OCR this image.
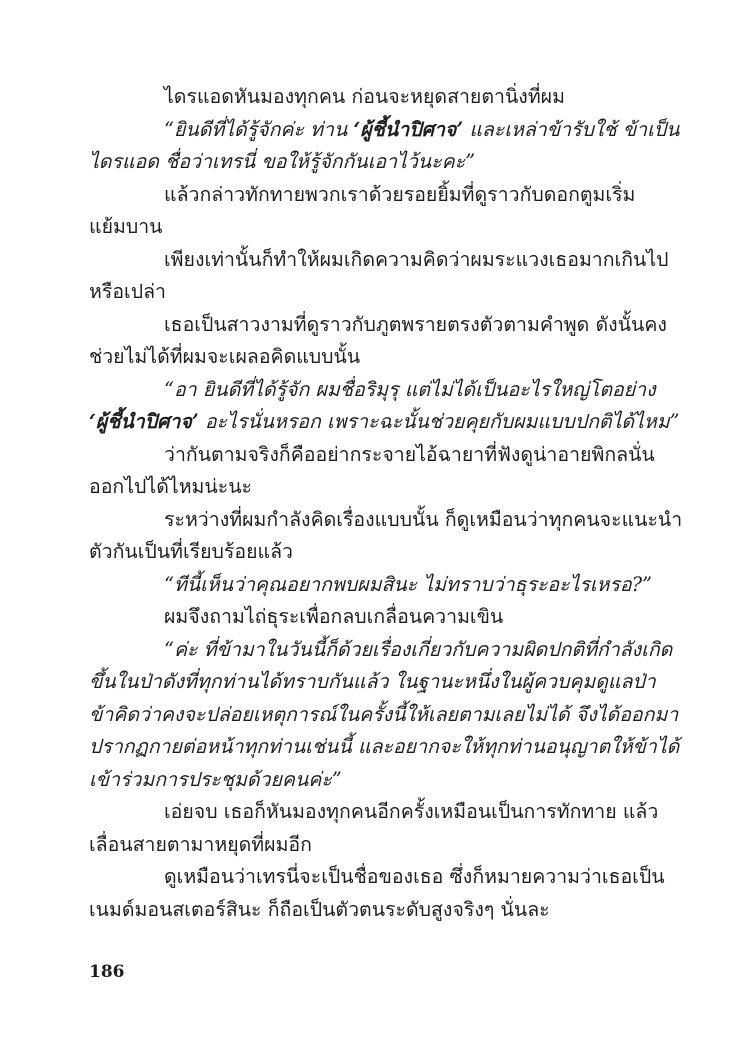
ไดรแอดหันมองทุกคน ก่อนจะหยุดสายตานิ่งที่ผม
“ยินดีที่ได้รู้จักค่ะ ท่าน ‘ผู้ชี้นำปิศาจ’ และเหล่าข้ารับใช้ ข้าเป็น
ไดรแอด ชื่อว่าเทรนี่ ขอให้รู้จักกันเอาไว้นะคะ”
แล้วกล่าวทักทายพวกเราด้วยรอยยิ้มที่ดูราวกับดอกตูมเริ่ม
แย้มบาน
เพียงเท่านั้นก็ทำให้ผมเกิดความคิดว่าผมระแวงเธอมากเกินไป
หรือเปล่า
เธอเป็นสาวงามที่ดูราวกับภูตพรายตรงตัวตามคำพูด ดังนั้นคง
ช่วยไม่ได้ที่ผมจะเผลอคิดแบบนั้น
“อา ยินดีที่ได้รู้จัก ผมชื่อริมุรุ แต่ไม่ได้เป็นอะไรใหญ่โตอย่าง
‘ผู้ชี้นำปิศาจ’ อะไรนั่นหรอก เพราะฉะนั้นช่วยคุยกับผมแบบปกติได้ไหม”
ว่ากันตามจริงก็คืออย่ากระจายไอ้ฉายาที่ฟังดูน่าอายพิกลนั่น
ออกไปได้ไหมน่ะนะ
ระหว่างที่ผมกำลังคิดเรื่องแบบนั้น ก็ดูเหมือนว่าทุกคนจะแนะนำ
ตัวกันเป็นที่เรียบร้อยแล้ว
“ทีนี้เห็นว่าคุณอยากพบผมสินะ ไม่ทราบว่าธุระอะไรเหรอ?”
ผมจึงถามไถ่ธุระเพื่อกลบเกลื่อนความเขิน
“ค่ะ ที่ข้ามาในวันนี้ก็ด้วยเรื่องเกี่ยวกับความผิดปกติที่กำลังเกิด
ขึ้นในป่าดังที่ทุกท่านได้ทราบกันแล้ว ในฐานะหนึ่งในผู้ควบคุมดูแลป่า
ข้าคิดว่าคงจะปล่อยเหตุการณ์ในครั้งนี้ให้เลยตามเลยไม่ได้ จึงได้ออกมา
ปรากฏกายต่อหน้าทุกท่านเช่นนี้ และอยากจะให้ทุกท่านอนุญาตให้ข้าได้
เข้าร่วมการประชุมด้วยคนค่ะ”
เอ่ยจบ เธอก็หันมองทุกคนอีกครั้งเหมือนเป็นการทักทาย แล้ว
เลื่อนสายตามาหยุดที่ผมอีก
ดูเหมือนว่าเทรนี่จะเป็นชื่อของเธอ ซึ่งก็หมายความว่าเธอเป็น
เนมด์มอนสเตอร์สินะ ก็ถือเป็นตัวตนระดับสูงจริงๆ นั่นละ
186
